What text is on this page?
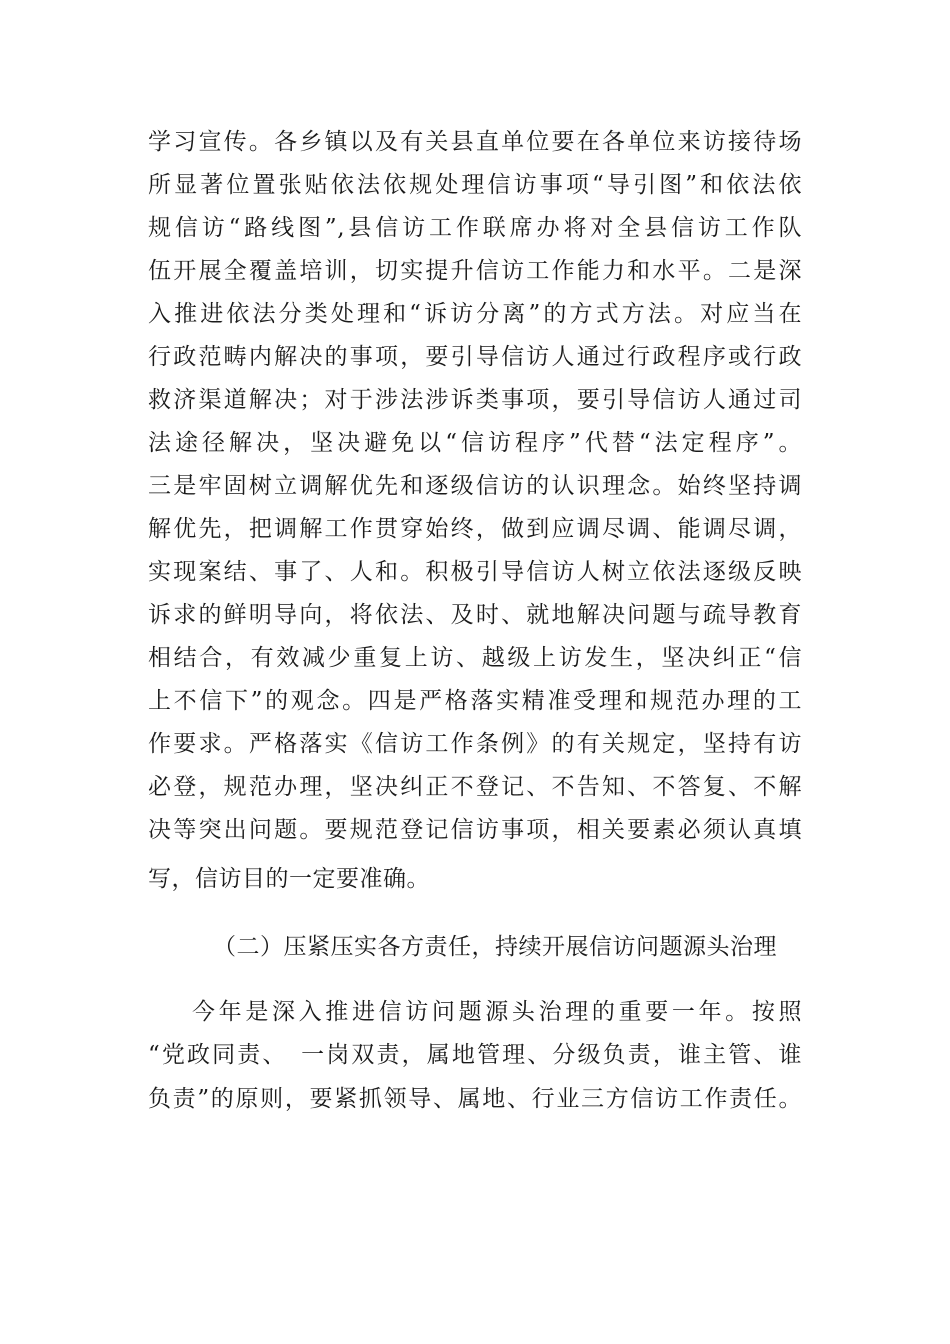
学习宣传。各乡镇以及有关县直单位要在各单位来访接待场
所显著位置张贴依法依规处理信访事项“导引图”和依法依
规信访“路线图”,县信访工作联席办将对全县信访工作队
伍开展全覆盖培训，切实提升信访工作能力和水平。二是深
入推进依法分类处理和“诉访分离”的方式方法。对应当在
行政范畴内解决的事项，要引导信访人通过行政程序或行政
救济渠道解决；对于涉法涉诉类事项，要引导信访人通过司
法途径解决，坚决避免以“信访程序”代替“法定程序”。
三是牢固树立调解优先和逐级信访的认识理念。始终坚持调
解优先，把调解工作贯穿始终，做到应调尽调、能调尽调，
实现案结、事了、人和。积极引导信访人树立依法逐级反映
诉求的鲜明导向，将依法、及时、就地解决问题与疏导教育
相结合，有效减少重复上访、越级上访发生，坚决纠正“信
上不信下”的观念。四是严格落实精准受理和规范办理的工
作要求。严格落实《信访工作条例》的有关规定，坚持有访
必登，规范办理，坚决纠正不登记、不告知、不答复、不解
决等突出问题。要规范登记信访事项，相关要素必须认真填
写，信访目的一定要准确。
（二）压紧压实各方责任，持续开展信访问题源头治理
今年是深入推进信访问题源头治理的重要一年。按照
“党政同责、　一岗双责，属地管理、分级负责，谁主管、谁
负责”的原则，要紧抓领导、属地、行业三方信访工作责任。
